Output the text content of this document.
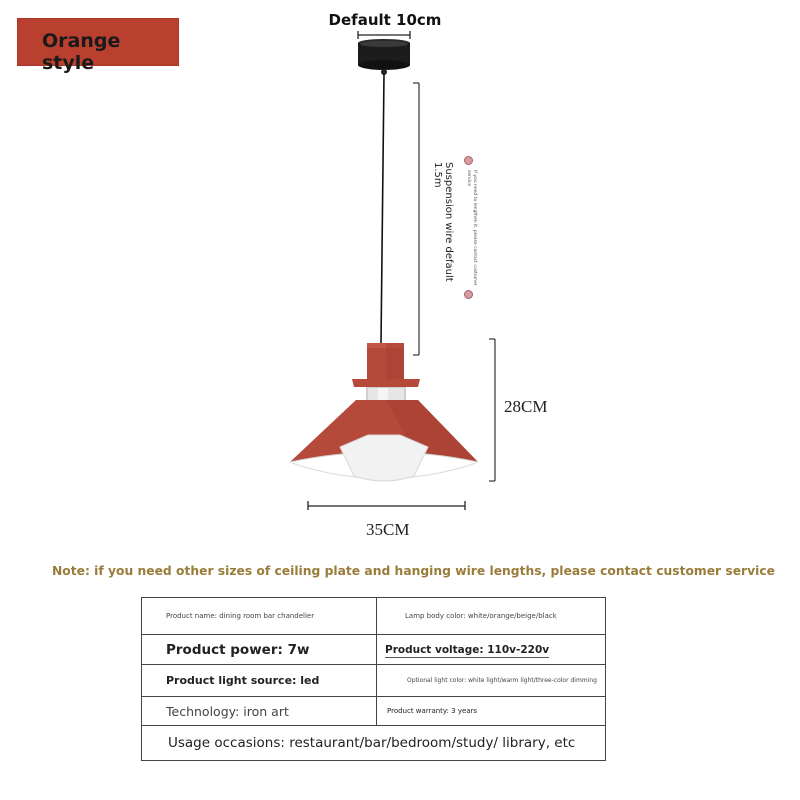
Orange style
Default 10cm
Suspension wire default 1.5m	If you need to lengthen it, please contact customer service
28CM
35CM
Note: if you need other sizes of ceiling plate and hanging wire lengths, please contact customer service
Product name: dining room bar chandelier	Lamp body color: white/orange/beige/black
Product power: 7w	Product voltage: 110v-220v
Product light source: led	Optional light color: white light/warm light/three-color dimming
Technology: iron art	Product warranty: 3 years
Usage occasions: restaurant/bar/bedroom/study/ library, etc	
